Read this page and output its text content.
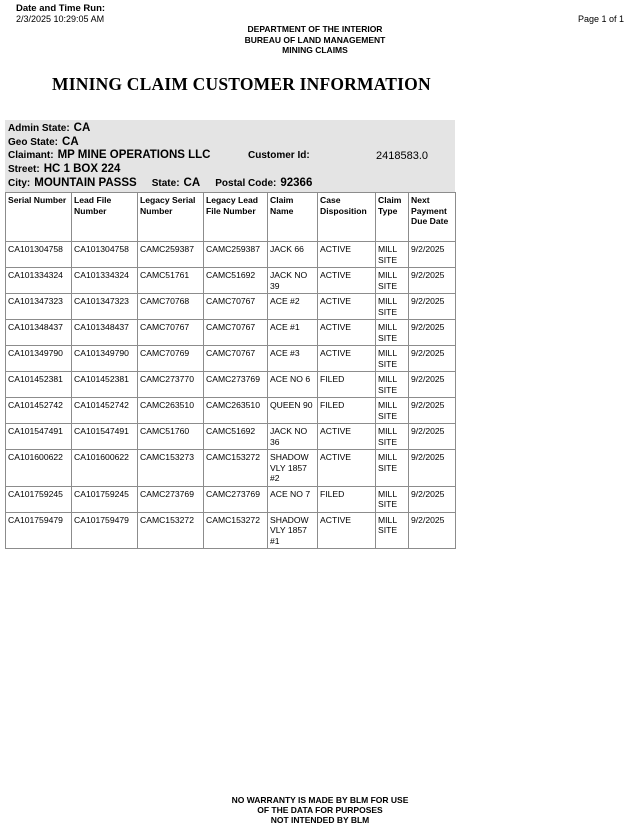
Date and Time Run:
2/3/2025 10:29:05 AM	Page 1 of 1
DEPARTMENT OF THE INTERIOR
BUREAU OF LAND MANAGEMENT
MINING CLAIMS
MINING CLAIM CUSTOMER INFORMATION
Admin State: CA
Geo State: CA
Claimant: MP MINE OPERATIONS LLC	Customer Id:	2418583.0
Street: HC 1 BOX 224
City: MOUNTAIN PASSS State: CA Postal Code: 92366
Serial Number	Lead File Number	Legacy Serial Number	Legacy Lead File Number	Claim Name	Case Disposition	Claim Type	Next Payment Due Date
CA101304758	CA101304758	CAMC259387	CAMC259387	JACK 66	ACTIVE	MILL SITE	9/2/2025
CA101334324	CA101334324	CAMC51761	CAMC51692	JACK NO 39	ACTIVE	MILL SITE	9/2/2025
CA101347323	CA101347323	CAMC70768	CAMC70767	ACE #2	ACTIVE	MILL SITE	9/2/2025
CA101348437	CA101348437	CAMC70767	CAMC70767	ACE #1	ACTIVE	MILL SITE	9/2/2025
CA101349790	CA101349790	CAMC70769	CAMC70767	ACE #3	ACTIVE	MILL SITE	9/2/2025
CA101452381	CA101452381	CAMC273770	CAMC273769	ACE NO 6	FILED	MILL SITE	9/2/2025
CA101452742	CA101452742	CAMC263510	CAMC263510	QUEEN 90	FILED	MILL SITE	9/2/2025
CA101547491	CA101547491	CAMC51760	CAMC51692	JACK NO 36	ACTIVE	MILL SITE	9/2/2025
CA101600622	CA101600622	CAMC153273	CAMC153272	SHADOW VLY 1857 #2	ACTIVE	MILL SITE	9/2/2025
CA101759245	CA101759245	CAMC273769	CAMC273769	ACE NO 7	FILED	MILL SITE	9/2/2025
CA101759479	CA101759479	CAMC153272	CAMC153272	SHADOW VLY 1857 #1	ACTIVE	MILL SITE	9/2/2025
NO WARRANTY IS MADE BY BLM FOR USE
OF THE DATA FOR PURPOSES
NOT INTENDED BY BLM
